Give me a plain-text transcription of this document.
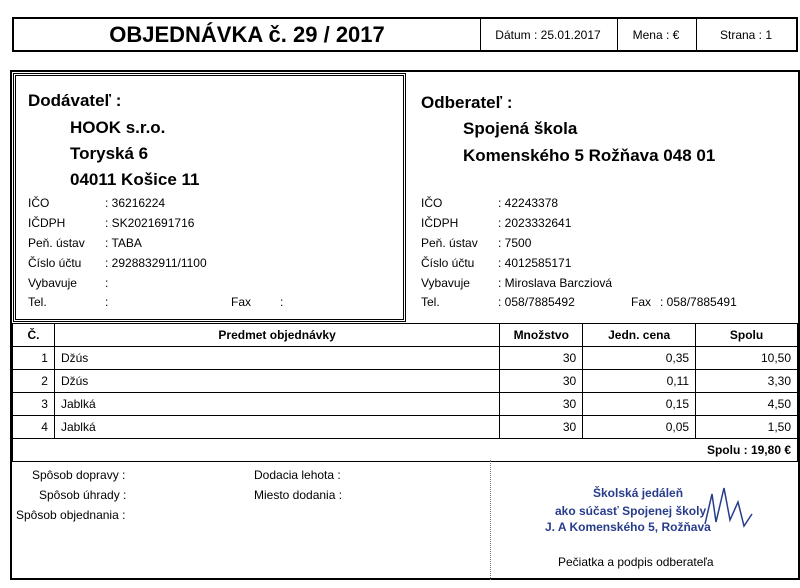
OBJEDNÁVKA č. 29 / 2017	Dátum : 25.01.2017	Mena : €	Strana : 1
Dodávateľ :
HOOK s.r.o.
Toryská 6
04011 Košice 11
IČO	: 36216224
IČDPH	: SK2021691716
Peň. ústav : TABA
Číslo účtu : 2928832911/1100
Vybavuje :
Tel.	:	Fax :
Odberateľ :
Spojená škola
Komenského 5 Rožňava 048 01
IČO	: 42243378
IČDPH	: 2023332641
Peň. ústav : 7500
Číslo účtu : 4012585171
Vybavuje : Miroslava Barcziová
Tel.	: 058/7885492	Fax : 058/7885491
Č.	Predmet objednávky	Množstvo	Jedn. cena	Spolu
1	Džús	30	0,35	10,50
2	Džús	30	0,11	3,30
3	Jablká	30	0,15	4,50
4	Jablká	30	0,05	1,50
Spolu : 19,80 €				
Spôsob dopravy :
Spôsob úhrady :
Spôsob objednania :
Dodacia lehota :
Miesto dodania :	Školská jedáleň
ako súčasť Spojenej školy
J. A Komenského 5, Rožňava
Pečiatka a podpis odberateľa
